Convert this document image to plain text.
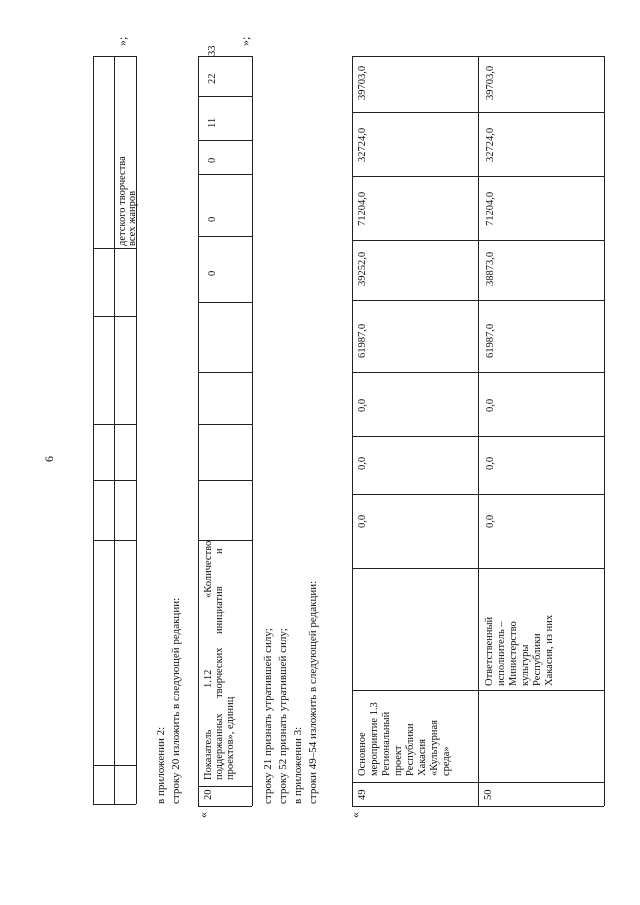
6
детского творчества всех жанров
»;
в приложении 2: строку 20 изложить в следующей редакции:
«
20
Показатель
1.12
«Количество
поддержанных
творческих
инициатив
и
проектов», единиц
0
0
0
11
22
33
»;
строку 21 признать утратившей силу; строку 52 признать утратившей силу; в приложении 3: строки 49–54 изложить в следующей редакции:
«
49
Основное мероприятие 1.3 Региональный проект Республики Хакасия «Культурная среда»
0,0
0,0
0,0
61987,0
39252,0
71204,0
32724,0
39703,0
50
Ответственный исполнитель – Министерство культуры Республики Хакасия, из них
0,0
0,0
0,0
61987,0
38873,0
71204,0
32724,0
39703,0
